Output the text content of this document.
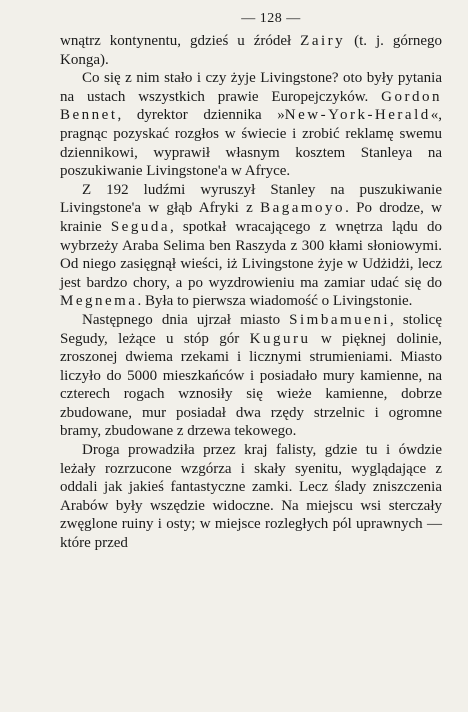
— 128 —

wnątrz kontynentu, gdzieś u źródeł Zairy (t. j. górnego Konga).

Co się z nim stało i czy żyje Livingstone? oto były pytania na ustach wszystkich prawie Europejczyków. Gordon Bennet, dyrektor dziennika »New-York-Herald«, pragnąc pozyskać rozgłos w świecie i zrobić reklamę swemu dziennikowi, wyprawił własnym kosztem Stanleya na poszukiwanie Livingstone'a w Afryce.

Z 192 ludźmi wyruszył Stanley na puszukiwanie Livingstone'a w głąb Afryki z Bagamoyo. Po drodze, w krainie Seguda, spotkał wracającego z wnętrza lądu do wybrzeży Araba Selima ben Raszyda z 300 kłami słoniowymi. Od niego zasięgnął wieści, iż Livingstone żyje w Udżidżi, lecz jest bardzo chory, a po wyzdrowieniu ma zamiar udać się do Megnema. Była to pierwsza wiadomość o Livingstonie.

Następnego dnia ujrzał miasto Simbamueni, stolicę Segudy, leżące u stóp gór Kuguru w pięknej dolinie, zroszonej dwiema rzekami i licznymi strumieniami. Miasto liczyło do 5000 mieszkańców i posiadało mury kamienne, na czterech rogach wznosiły się wieże kamienne, dobrze zbudowane, mur posiadał dwa rzędy strzelnic i ogromne bramy, zbudowane z drzewa tekowego.

Droga prowadziła przez kraj falisty, gdzie tu i ówdzie leżały rozrzucone wzgórza i skały syenitu, wyglądające z oddali jak jakieś fantastyczne zamki. Lecz ślady zniszczenia Arabów były wszędzie widoczne. Na miejscu wsi sterczały zwęglone ruiny i osty; w miejsce rozległych pól uprawnych — które przed
